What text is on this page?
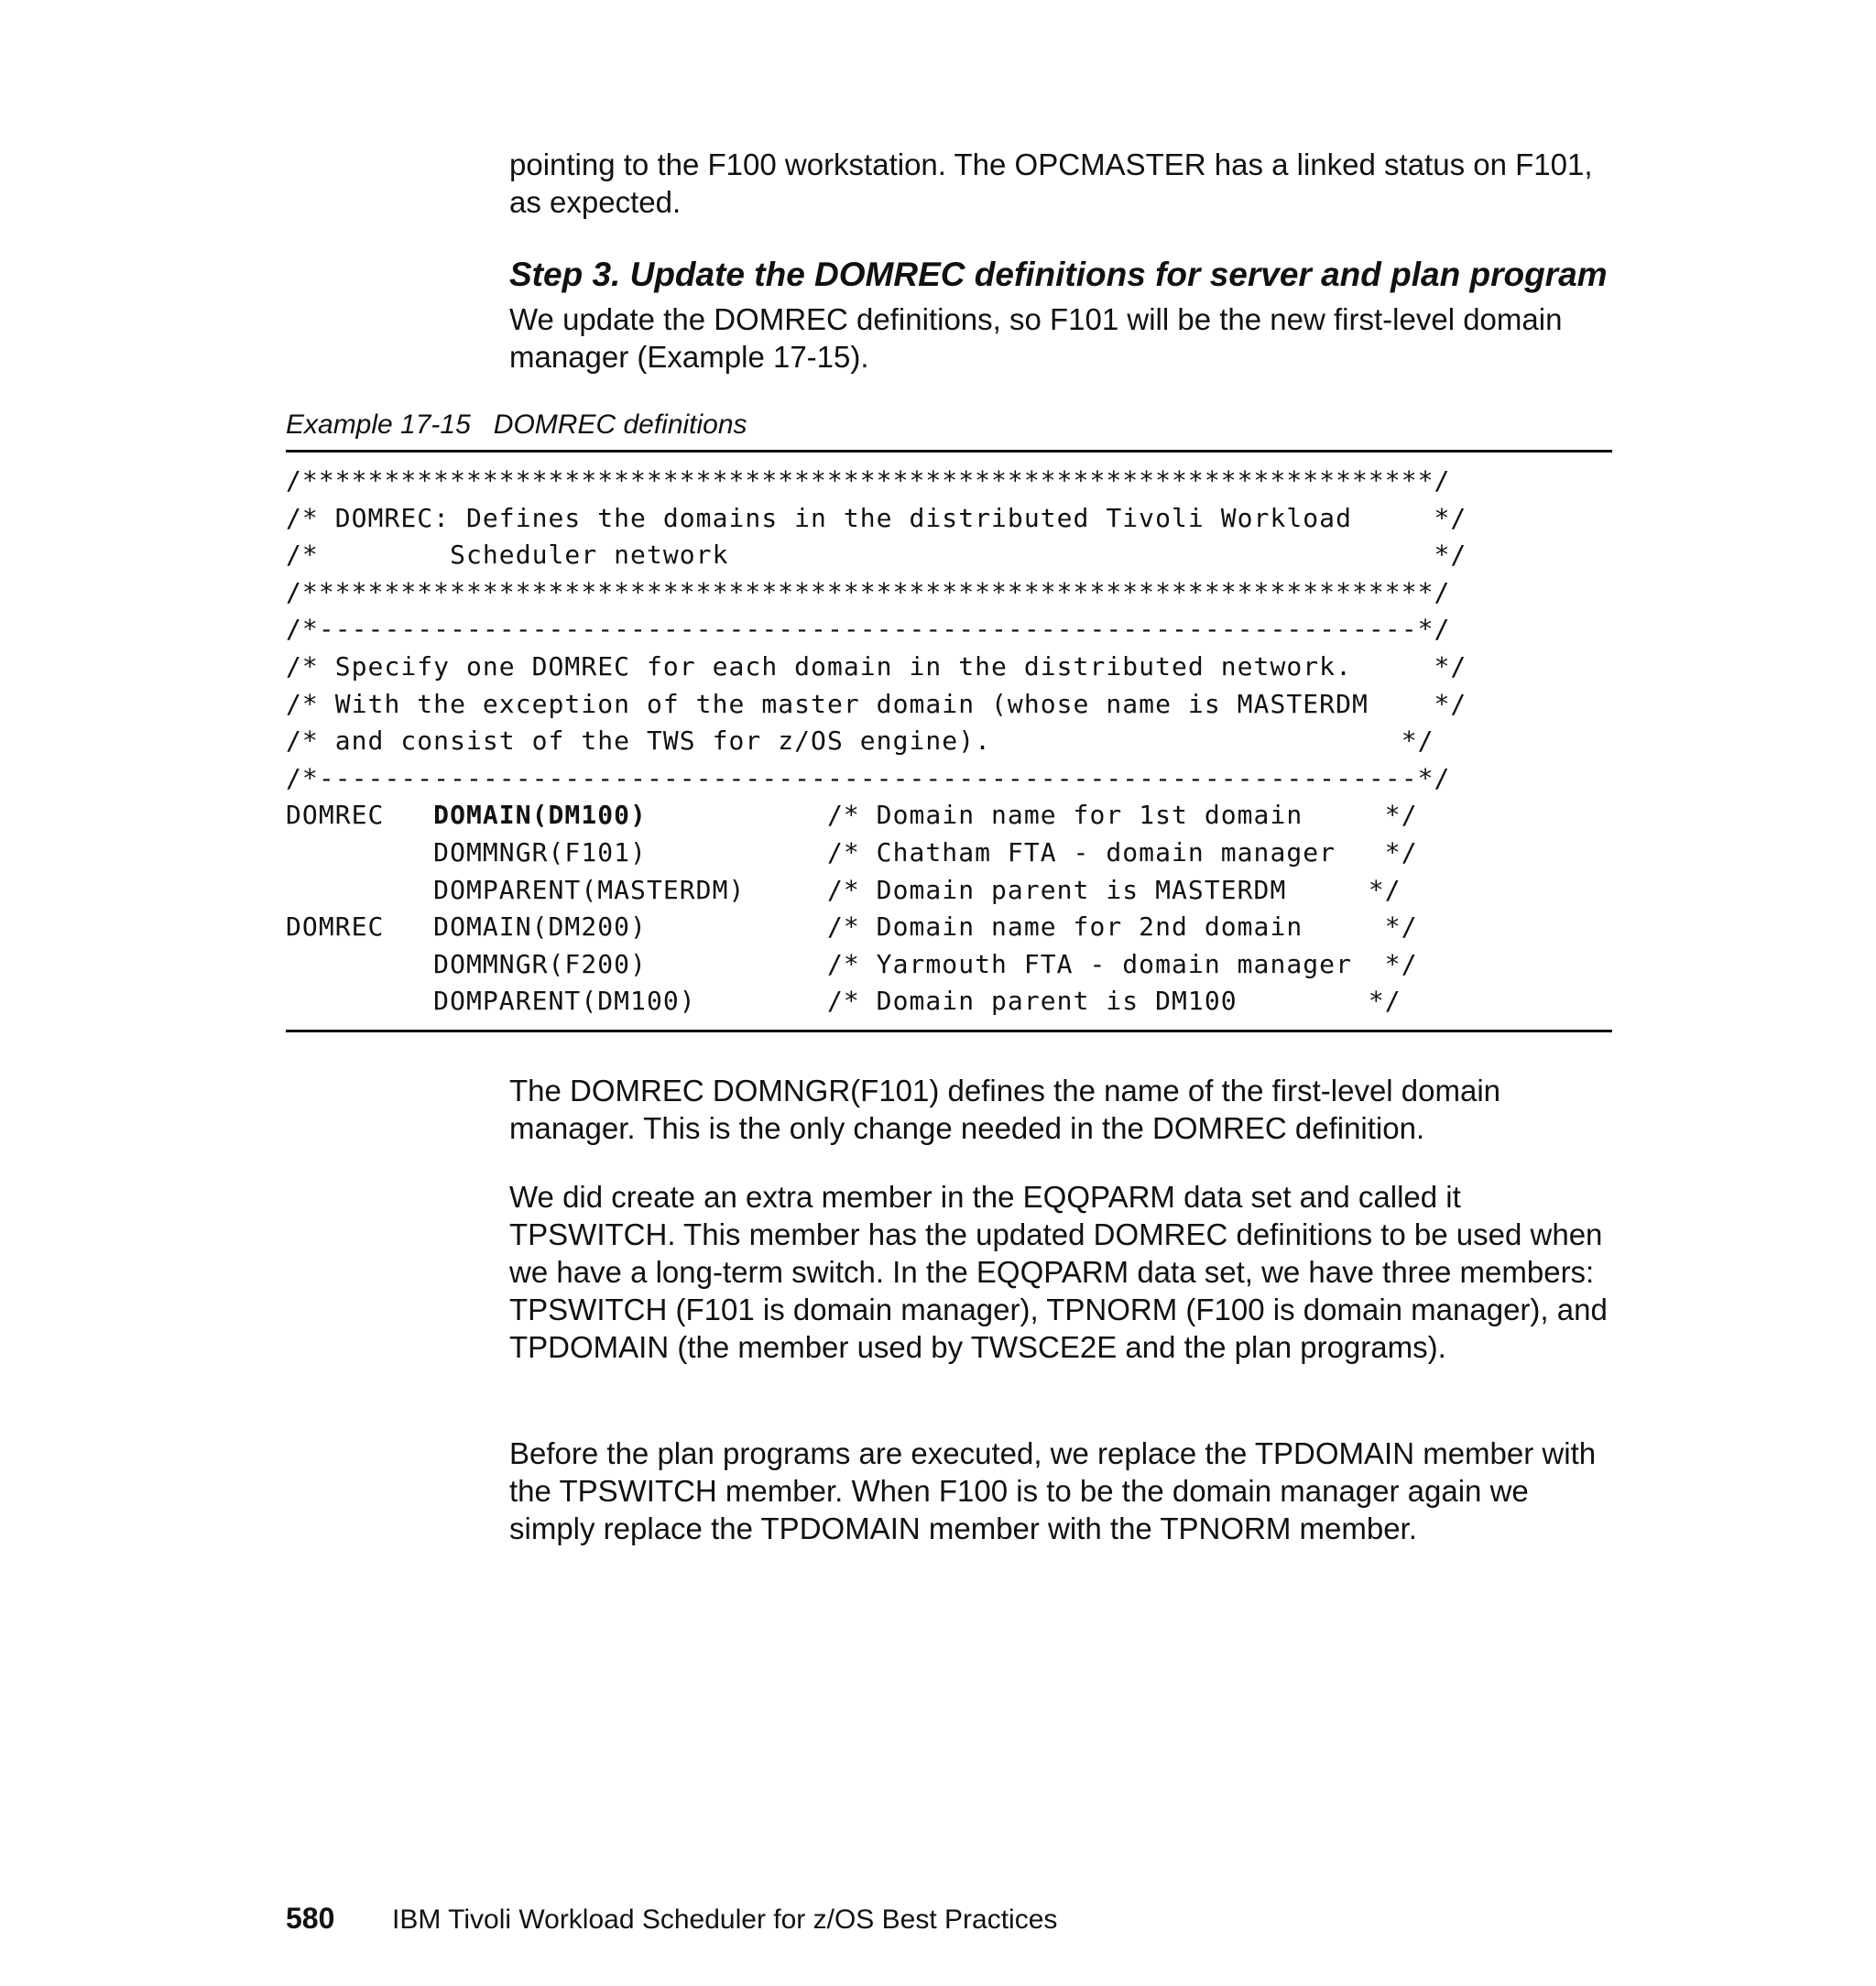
pointing to the F100 workstation. The OPCMASTER has a linked status on F101, as expected.

Step 3. Update the DOMREC definitions for server and plan program

We update the DOMREC definitions, so F101 will be the new first-level domain manager (Example 17-15).

Example 17-15   DOMREC definitions
/*********************************************************************/
/* DOMREC: Defines the domains in the distributed Tivoli Workload     */
/*        Scheduler network                                           */
/*********************************************************************/
/*-------------------------------------------------------------------*/
/* Specify one DOMREC for each domain in the distributed network.     */
/* With the exception of the master domain (whose name is MASTERDM    */
/* and consist of the TWS for z/OS engine).                         */
/*-------------------------------------------------------------------*/
DOMREC   DOMAIN(DM100)           /* Domain name for 1st domain     */
DOMMNGR(F101)           /* Chatham FTA - domain manager   */
DOMPARENT(MASTERDM)     /* Domain parent is MASTERDM     */
DOMREC   DOMAIN(DM200)           /* Domain name for 2nd domain     */
DOMMNGR(F200)           /* Yarmouth FTA - domain manager  */
DOMPARENT(DM100)        /* Domain parent is DM100        */

The DOMREC DOMNGR(F101) defines the name of the first-level domain manager. This is the only change needed in the DOMREC definition.

We did create an extra member in the EQQPARM data set and called it TPSWITCH. This member has the updated DOMREC definitions to be used when we have a long-term switch. In the EQQPARM data set, we have three members: TPSWITCH (F101 is domain manager), TPNORM (F100 is domain manager), and TPDOMAIN (the member used by TWSCE2E and the plan programs).

Before the plan programs are executed, we replace the TPDOMAIN member with the TPSWITCH member. When F100 is to be the domain manager again we simply replace the TPDOMAIN member with the TPNORM member.

580 IBM Tivoli Workload Scheduler for z/OS Best Practices
